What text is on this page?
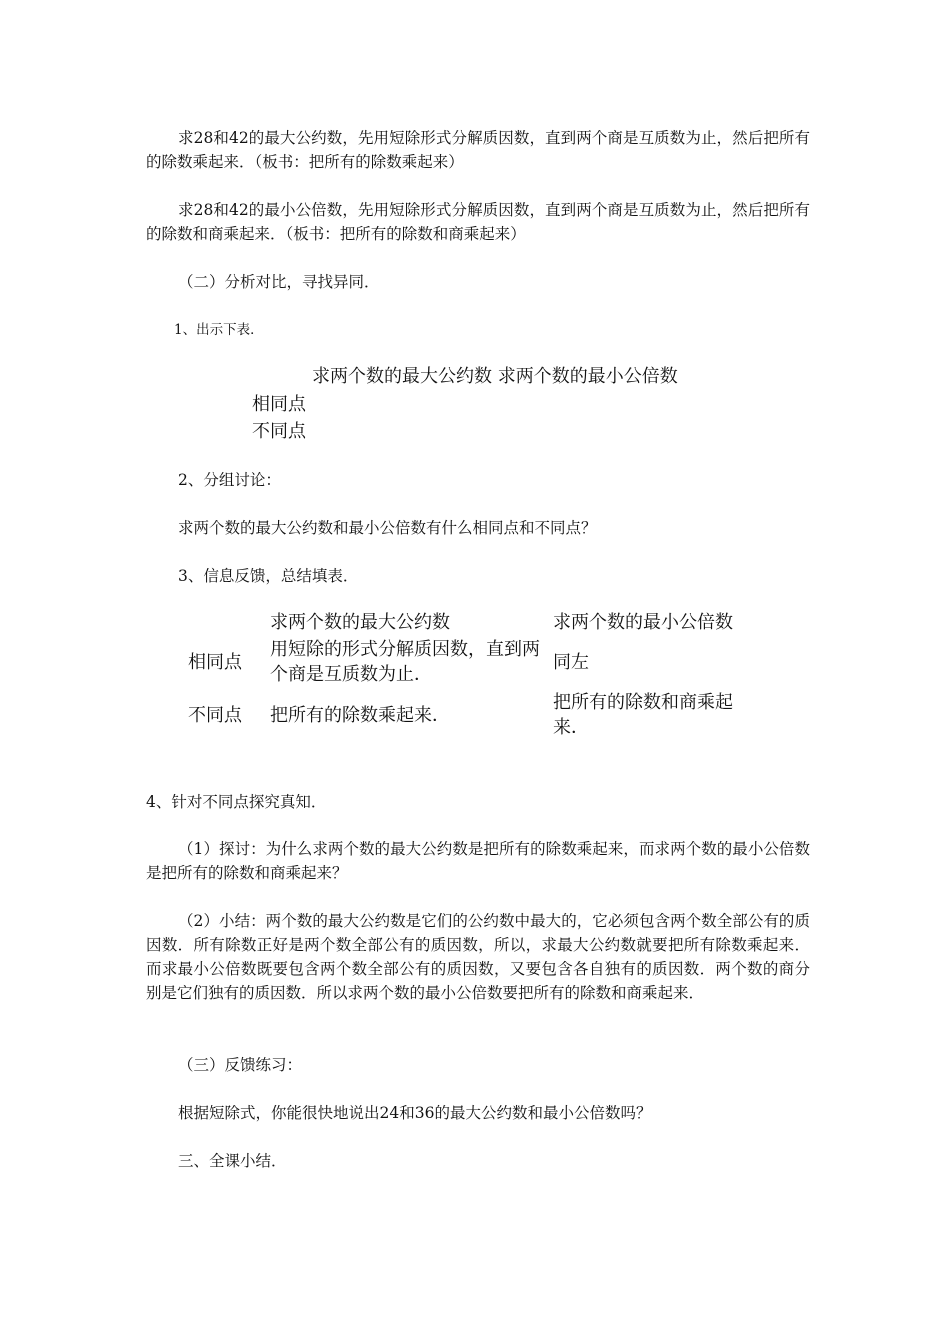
求28和42的最大公约数，先用短除形式分解质因数，直到两个商是互质数为止，然后把所有的除数乘起来．（板书：把所有的除数乘起来）

求28和42的最小公倍数，先用短除形式分解质因数，直到两个商是互质数为止，然后把所有的除数和商乘起来．（板书：把所有的除数和商乘起来）

（二）分析对比，寻找异同．

1、出示下表．

求两个数的最大公约数 求两个数的最小公倍数
相同点
不同点

2、分组讨论：

求两个数的最大公约数和最小公倍数有什么相同点和不同点？

3、信息反馈，总结填表．

求两个数的最大公约数	求两个数的最小公倍数
相同点
用短除的形式分解质因数，直到两个商是互质数为止．
同左
不同点 把所有的除数乘起来．
把所有的除数和商乘起来．

4、针对不同点探究真知．

（1）探讨：为什么求两个数的最大公约数是把所有的除数乘起来，而求两个数的最小公倍数是把所有的除数和商乘起来？

（2）小结：两个数的最大公约数是它们的公约数中最大的，它必须包含两个数全部公有的质因数．所有除数正好是两个数全部公有的质因数，所以，求最大公约数就要把所有除数乘起来．而求最小公倍数既要包含两个数全部公有的质因数，又要包含各自独有的质因数．两个数的商分别是它们独有的质因数．所以求两个数的最小公倍数要把所有的除数和商乘起来．

（三）反馈练习：

根据短除式，你能很快地说出24和36的最大公约数和最小公倍数吗？

三、全课小结．
